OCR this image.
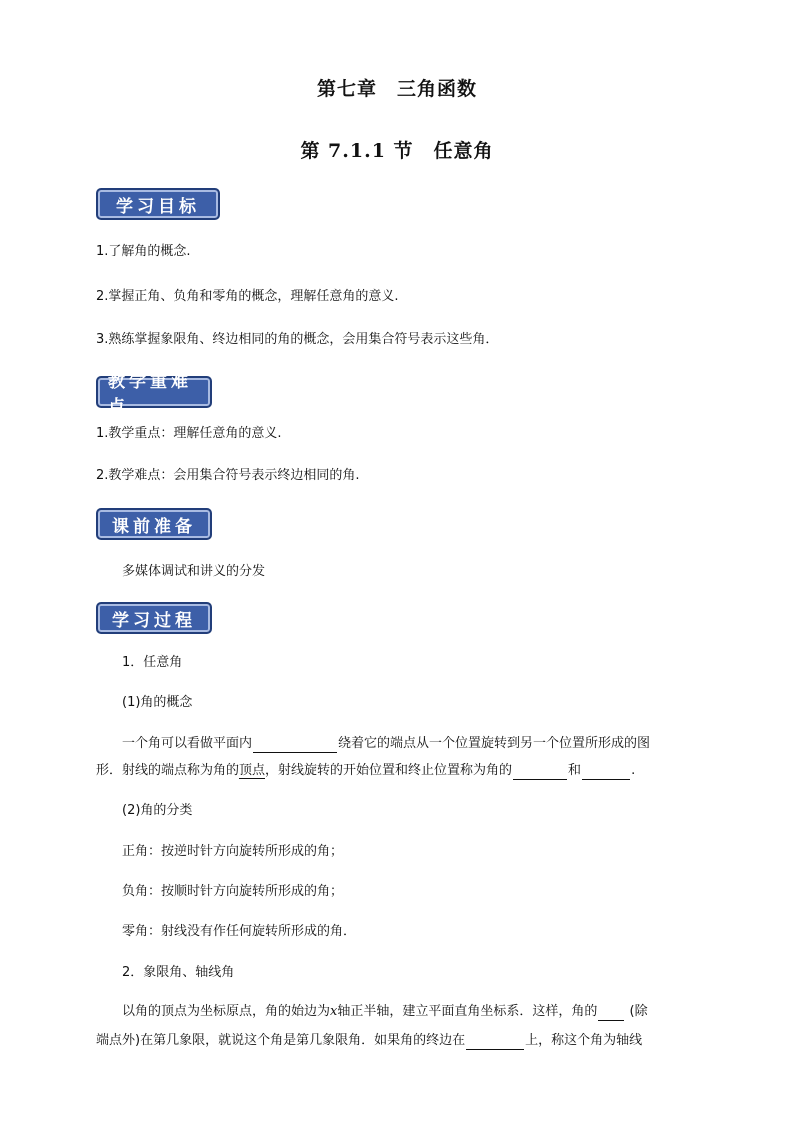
第七章　三角函数
第 7.1.1 节　任意角
学习目标
1.了解角的概念.
2.掌握正角、负角和零角的概念，理解任意角的意义.
3.熟练掌握象限角、终边相同的角的概念，会用集合符号表示这些角．
教学重难点
1.教学重点：理解任意角的意义.
2.教学难点：会用集合符号表示终边相同的角.
课前准备
多媒体调试和讲义的分发
学习过程
1．任意角
(1)角的概念
一个角可以看做平面内	绕着它的端点从一个位置旋转到另一个位置所形成的图
形．射线的端点称为角的顶点，射线旋转的开始位置和终止位置称为角的	和	.
(2)角的分类
正角：按逆时针方向旋转所形成的角；
负角：按顺时针方向旋转所形成的角；
零角：射线没有作任何旋转所形成的角．
2．象限角、轴线角
以角的顶点为坐标原点，角的始边为x轴正半轴，建立平面直角坐标系．这样，角的 (除
端点外)在第几象限，就说这个角是第几象限角．如果角的终边在	上，称这个角为轴线
